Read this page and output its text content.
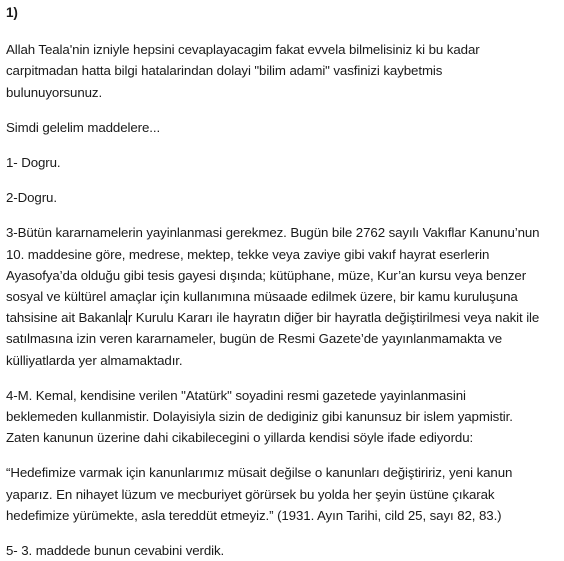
1)

Allah Teala'nin izniyle hepsini cevaplayacagim fakat evvela bilmelisiniz ki bu kadar
carpitmadan hatta bilgi hatalarindan dolayi "bilim adami" vasfinizi kaybetmis
bulunuyorsunuz.

Simdi gelelim maddelere...

1- Dogru.

2-Dogru.

3-Bütün kararnamelerin yayinlanmasi gerekmez. Bugün bile 2762 sayılı Vakıflar Kanunu’nun
10. maddesine göre, medrese, mektep, tekke veya zaviye gibi vakıf hayrat eserlerin
Ayasofya’da olduğu gibi tesis gayesi dışında; kütüphane, müze, Kur’an kursu veya benzer
sosyal ve kültürel amaçlar için kullanımına müsaade edilmek üzere, bir kamu kuruluşuna
tahsisine ait Bakanla r Kurulu Kararı ile hayratın diğer bir hayratla değiştirilmesi veya nakit ile
satılmasına izin veren kararnameler, bugün de Resmi Gazete’de yayınlanmamakta ve
külliyatlarda yer almamaktadır.

4-M. Kemal, kendisine verilen "Atatürk" soyadini resmi gazetede yayinlanmasini
beklemeden kullanmistir. Dolayisiyla sizin de dediginiz gibi kanunsuz bir islem yapmistir.
Zaten kanunun üzerine dahi cikabilecegini o yillarda kendisi söyle ifade ediyordu:

“Hedefimize varmak için kanunlarımız müsait değilse o kanunları değiştiririz, yeni kanun
yaparız. En nihayet lüzum ve mecburiyet görürsek bu yolda her şeyin üstüne çıkarak
hedefimize yürümekte, asla tereddüt etmeyiz.” (1931. Ayın Tarihi, cild 25, sayı 82, 83.)

5- 3. maddede bunun cevabini verdik.
